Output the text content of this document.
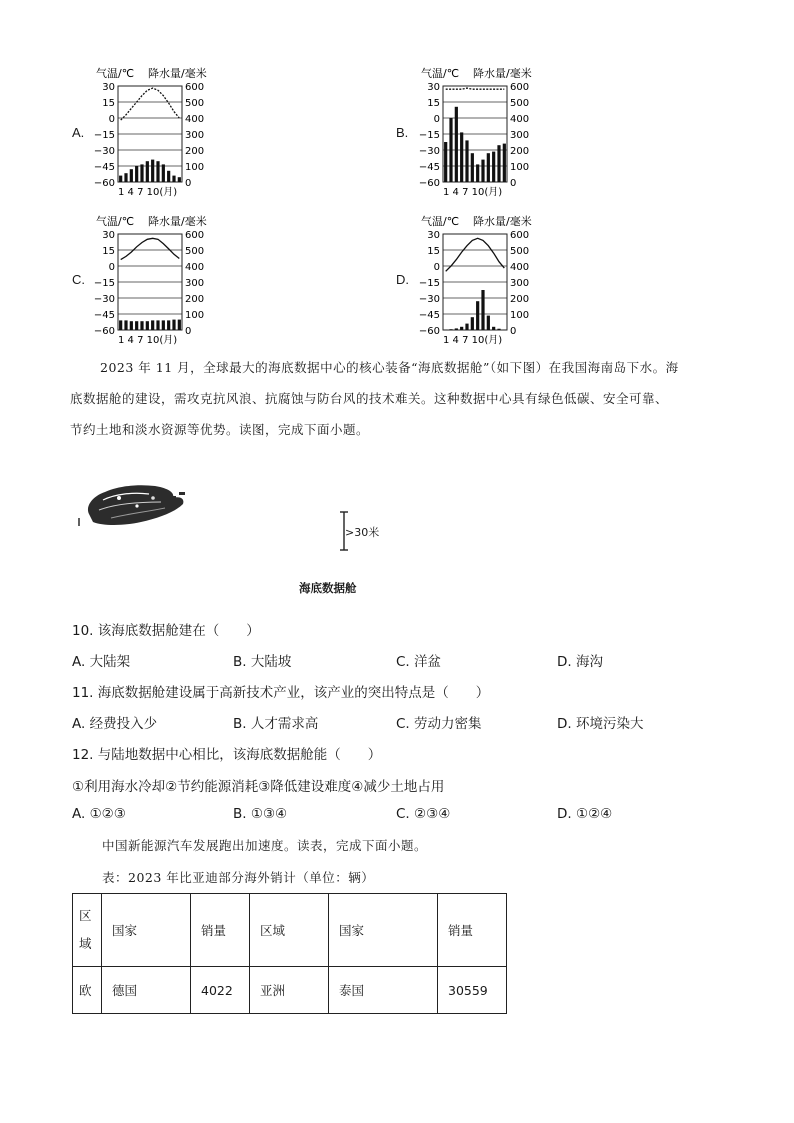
A.	B.
C.	D.
气温/℃ 降水量/毫米
30	600
15	500
0	400
−15	300
−30	200
−45	100
−60	0
1 4 7 10(月)
气温/℃ 降水量/毫米
30	600
15	500
0	400
−15	300
−30	200
−45	100
−60	0
1 4 7 10(月)
气温/℃ 降水量/毫米
30	600
15	500
0	400
−15	300
−30	200
−45	100
−60	0
1 4 7 10(月)
气温/℃ 降水量/毫米
30	600
15	500
0	400
−15	300
−30	200
−45	100
−60	0
1 4 7 10(月)
2023 年 11 月，全球最大的海底数据中心的核心装备“海底数据舱”（如下图）在我国海南岛下水。海
底数据舱的建设，需攻克抗风浪、抗腐蚀与防台风的技术难关。这种数据中心具有绿色低碳、安全可靠、
节约土地和淡水资源等优势。读图，完成下面小题。
>30米
海底数据舱
10. 该海底数据舱建在（　　）
A. 大陆架	B. 大陆坡	C. 洋盆	D. 海沟
11. 海底数据舱建设属于高新技术产业，该产业的突出特点是（　　）
A. 经费投入少	B. 人才需求高	C. 劳动力密集	D. 环境污染大
12. 与陆地数据中心相比，该海底数据舱能（　　）
①利用海水冷却②节约能源消耗③降低建设难度④减少土地占用
A. ①②③	B. ①③④	C. ②③④	D. ①②④
中国新能源汽车发展跑出加速度。读表，完成下面小题。
表：2023 年比亚迪部分海外销计（单位：辆）
区域	国家	销量	区域	国家	销量
欧	德国	4022	亚洲	泰国	30559
